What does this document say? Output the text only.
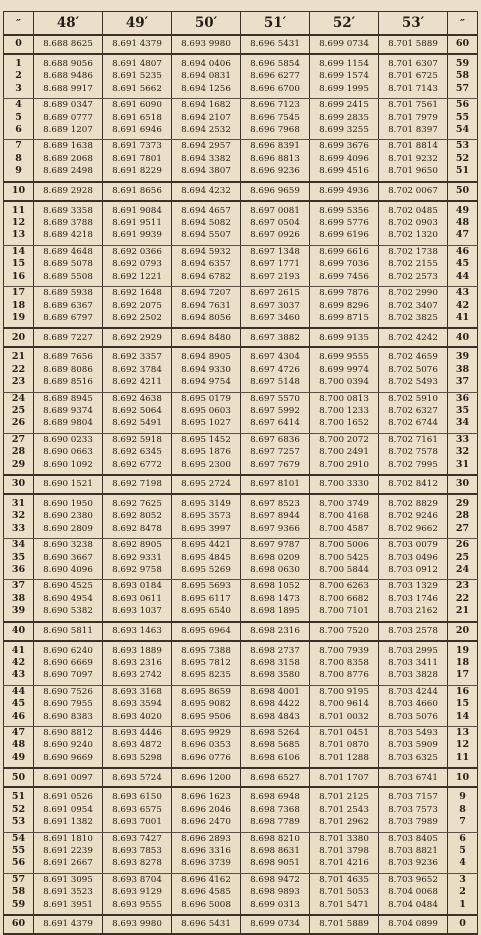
″	48′	49′	50′	51′	52′	53′	″
0	8.688 8625	8.691 4379	8.693 9980	8.696 5431	8.699 0734	8.701 5889	60
1	8.688 9056	8.691 4807	8.694 0406	8.696 5854	8.699 1154	8.701 6307	59
2	8.688 9486	8.691 5235	8.694 0831	8.696 6277	8.699 1574	8.701 6725	58
3	8.688 9917	8.691 5662	8.694 1256	8.696 6700	8.699 1995	8.701 7143	57
4	8.689 0347	8.691 6090	8.694 1682	8.696 7123	8.699 2415	8.701 7561	56
5	8.689 0777	8.691 6518	8.694 2107	8.696 7545	8.699 2835	8.701 7979	55
6	8.689 1207	8.691 6946	8.694 2532	8.696 7968	8.699 3255	8.701 8397	54
7	8.689 1638	8.691 7373	8.694 2957	8.696 8391	8.699 3676	8.701 8814	53
8	8.689 2068	8.691 7801	8.694 3382	8.696 8813	8.699 4096	8.701 9232	52
9	8.689 2498	8.691 8229	8.694 3807	8.696 9236	8.699 4516	8.701 9650	51
10	8.689 2928	8.691 8656	8.694 4232	8.696 9659	8.699 4936	8.702 0067	50
11	8.689 3358	8.691 9084	8.694 4657	8.697 0081	8.699 5356	8.702 0485	49
12	8.689 3788	8.691 9511	8.694 5082	8.697 0504	8.699 5776	8.702 0903	48
13	8.689 4218	8.691 9939	8.694 5507	8.697 0926	8.699 6196	8.702 1320	47
14	8.689 4648	8.692 0366	8.694 5932	8.697 1348	8.699 6616	8.702 1738	46
15	8.689 5078	8.692 0793	8.694 6357	8.697 1771	8.699 7036	8.702 2155	45
16	8.689 5508	8.692 1221	8.694 6782	8.697 2193	8.699 7456	8.702 2573	44
17	8.689 5938	8.692 1648	8.694 7207	8.697 2615	8.699 7876	8.702 2990	43
18	8.689 6367	8.692 2075	8.694 7631	8.697 3037	8.699 8296	8.702 3407	42
19	8.689 6797	8.692 2502	8.694 8056	8.697 3460	8.699 8715	8.702 3825	41
20	8.689 7227	8.692 2929	8.694 8480	8.697 3882	8.699 9135	8.702 4242	40
21	8.689 7656	8.692 3357	8.694 8905	8.697 4304	8.699 9555	8.702 4659	39
22	8.689 8086	8.692 3784	8.694 9330	8.697 4726	8.699 9974	8.702 5076	38
23	8.689 8516	8.692 4211	8.694 9754	8.697 5148	8.700 0394	8.702 5493	37
24	8.689 8945	8.692 4638	8.695 0179	8.697 5570	8.700 0813	8.702 5910	36
25	8.689 9374	8.692 5064	8.695 0603	8.697 5992	8.700 1233	8.702 6327	35
26	8.689 9804	8.692 5491	8.695 1027	8.697 6414	8.700 1652	8.702 6744	34
27	8.690 0233	8.692 5918	8.695 1452	8.697 6836	8.700 2072	8.702 7161	33
28	8.690 0663	8.692 6345	8.695 1876	8.697 7257	8.700 2491	8.702 7578	32
29	8.690 1092	8.692 6772	8.695 2300	8.697 7679	8.700 2910	8.702 7995	31
30	8.690 1521	8.692 7198	8.695 2724	8.697 8101	8.700 3330	8.702 8412	30
31	8.690 1950	8.692 7625	8.695 3149	8.697 8523	8.700 3749	8.702 8829	29
32	8.690 2380	8.692 8052	8.695 3573	8.697 8944	8.700 4168	8.702 9246	28
33	8.690 2809	8.692 8478	8.695 3997	8.697 9366	8.700 4587	8.702 9662	27
34	8.690 3238	8.692 8905	8.695 4421	8.697 9787	8.700 5006	8.703 0079	26
35	8.690 3667	8.692 9331	8.695 4845	8.698 0209	8.700 5425	8.703 0496	25
36	8.690 4096	8.692 9758	8.695 5269	8.698 0630	8.700 5844	8.703 0912	24
37	8.690 4525	8.693 0184	8.695 5693	8.698 1052	8.700 6263	8.703 1329	23
38	8.690 4954	8.693 0611	8.695 6117	8.698 1473	8.700 6682	8.703 1746	22
39	8.690 5382	8.693 1037	8.695 6540	8.698 1895	8.700 7101	8.703 2162	21
40	8.690 5811	8.693 1463	8.695 6964	8.698 2316	8.700 7520	8.703 2578	20
41	8.690 6240	8.693 1889	8.695 7388	8.698 2737	8.700 7939	8.703 2995	19
42	8.690 6669	8.693 2316	8.695 7812	8.698 3158	8.700 8358	8.703 3411	18
43	8.690 7097	8.693 2742	8.695 8235	8.698 3580	8.700 8776	8.703 3828	17
44	8.690 7526	8.693 3168	8.695 8659	8.698 4001	8.700 9195	8.703 4244	16
45	8.690 7955	8.693 3594	8.695 9082	8.698 4422	8.700 9614	8.703 4660	15
46	8.690 8383	8.693 4020	8.695 9506	8.698 4843	8.701 0032	8.703 5076	14
47	8.690 8812	8.693 4446	8.695 9929	8.698 5264	8.701 0451	8.703 5493	13
48	8.690 9240	8.693 4872	8.696 0353	8.698 5685	8.701 0870	8.703 5909	12
49	8.690 9669	8.693 5298	8.696 0776	8.698 6106	8.701 1288	8.703 6325	11
50	8.691 0097	8.693 5724	8.696 1200	8.698 6527	8.701 1707	8.703 6741	10
51	8.691 0526	8.693 6150	8.696 1623	8.698 6948	8.701 2125	8.703 7157	9
52	8.691 0954	8.693 6575	8.696 2046	8.698 7368	8.701 2543	8.703 7573	8
53	8.691 1382	8.693 7001	8.696 2470	8.698 7789	8.701 2962	8.703 7989	7
54	8.691 1810	8.693 7427	8.696 2893	8.698 8210	8.701 3380	8.703 8405	6
55	8.691 2239	8.693 7853	8.696 3316	8.698 8631	8.701 3798	8.703 8821	5
56	8.691 2667	8.693 8278	8.696 3739	8.698 9051	8.701 4216	8.703 9236	4
57	8.691 3095	8.693 8704	8.696 4162	8.698 9472	8.701 4635	8.703 9652	3
58	8.691 3523	8.693 9129	8.696 4585	8.698 9893	8.701 5053	8.704 0068	2
59	8.691 3951	8.693 9555	8.696 5008	8.699 0313	8.701 5471	8.704 0484	1
60	8.691 4379	8.693 9980	8.696 5431	8.699 0734	8.701 5889	8.704 0899	0
